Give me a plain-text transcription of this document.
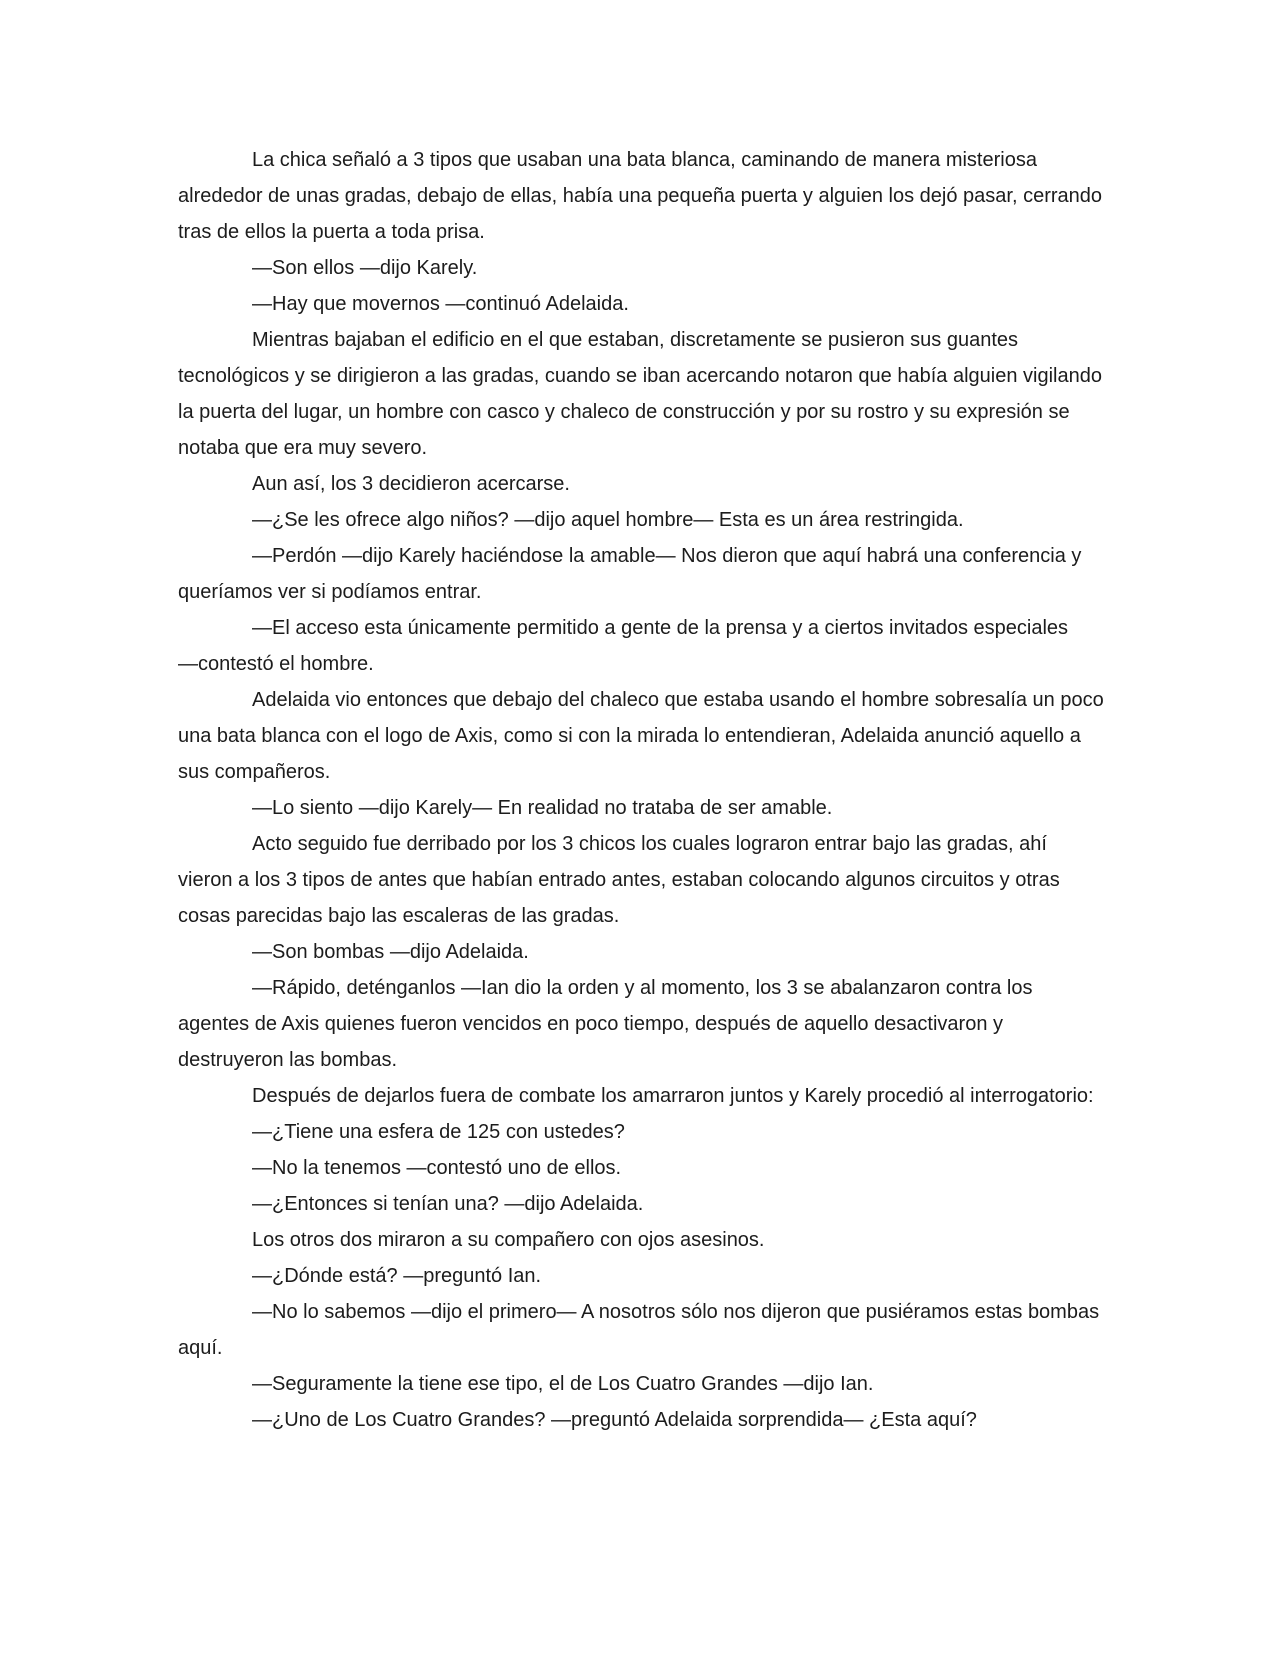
La chica señaló a 3 tipos que usaban una bata blanca, caminando de manera misteriosa alrededor de unas gradas, debajo de ellas, había una pequeña puerta y alguien los dejó pasar, cerrando tras de ellos la puerta a toda prisa.

―Son ellos ―dijo Karely.

―Hay que movernos ―continuó Adelaida.

Mientras bajaban el edificio en el que estaban, discretamente se pusieron sus guantes tecnológicos y se dirigieron a las gradas, cuando se iban acercando notaron que había alguien vigilando la puerta del lugar, un hombre con casco y chaleco de construcción y por su rostro y su expresión se notaba que era muy severo.

Aun así, los 3 decidieron acercarse.

―¿Se les ofrece algo niños? ―dijo aquel hombre― Esta es un área restringida.

―Perdón ―dijo Karely haciéndose la amable― Nos dieron que aquí habrá una conferencia y queríamos ver si podíamos entrar.

―El acceso esta únicamente permitido a gente de la prensa y a ciertos invitados especiales ―contestó el hombre.

Adelaida vio entonces que debajo del chaleco que estaba usando el hombre sobresalía un poco una bata blanca con el logo de Axis, como si con la mirada lo entendieran, Adelaida anunció aquello a sus compañeros.

―Lo siento ―dijo Karely― En realidad no trataba de ser amable.

Acto seguido fue derribado por los 3 chicos los cuales lograron entrar bajo las gradas, ahí vieron a los 3 tipos de antes que habían entrado antes, estaban colocando algunos circuitos y otras cosas parecidas bajo las escaleras de las gradas.

―Son bombas ―dijo Adelaida.

―Rápido, deténganlos ―Ian dio la orden y al momento, los 3 se abalanzaron contra los agentes de Axis quienes fueron vencidos en poco tiempo, después de aquello desactivaron y destruyeron las bombas.

Después de dejarlos fuera de combate los amarraron juntos y Karely procedió al interrogatorio:

―¿Tiene una esfera de 125 con ustedes?

―No la tenemos ―contestó uno de ellos.

―¿Entonces si tenían una? ―dijo Adelaida.

Los otros dos miraron a su compañero con ojos asesinos.

―¿Dónde está? ―preguntó Ian.

―No lo sabemos ―dijo el primero― A nosotros sólo nos dijeron que pusiéramos estas bombas aquí.

―Seguramente la tiene ese tipo, el de Los Cuatro Grandes ―dijo Ian.

―¿Uno de Los Cuatro Grandes? ―preguntó Adelaida sorprendida― ¿Esta aquí?
